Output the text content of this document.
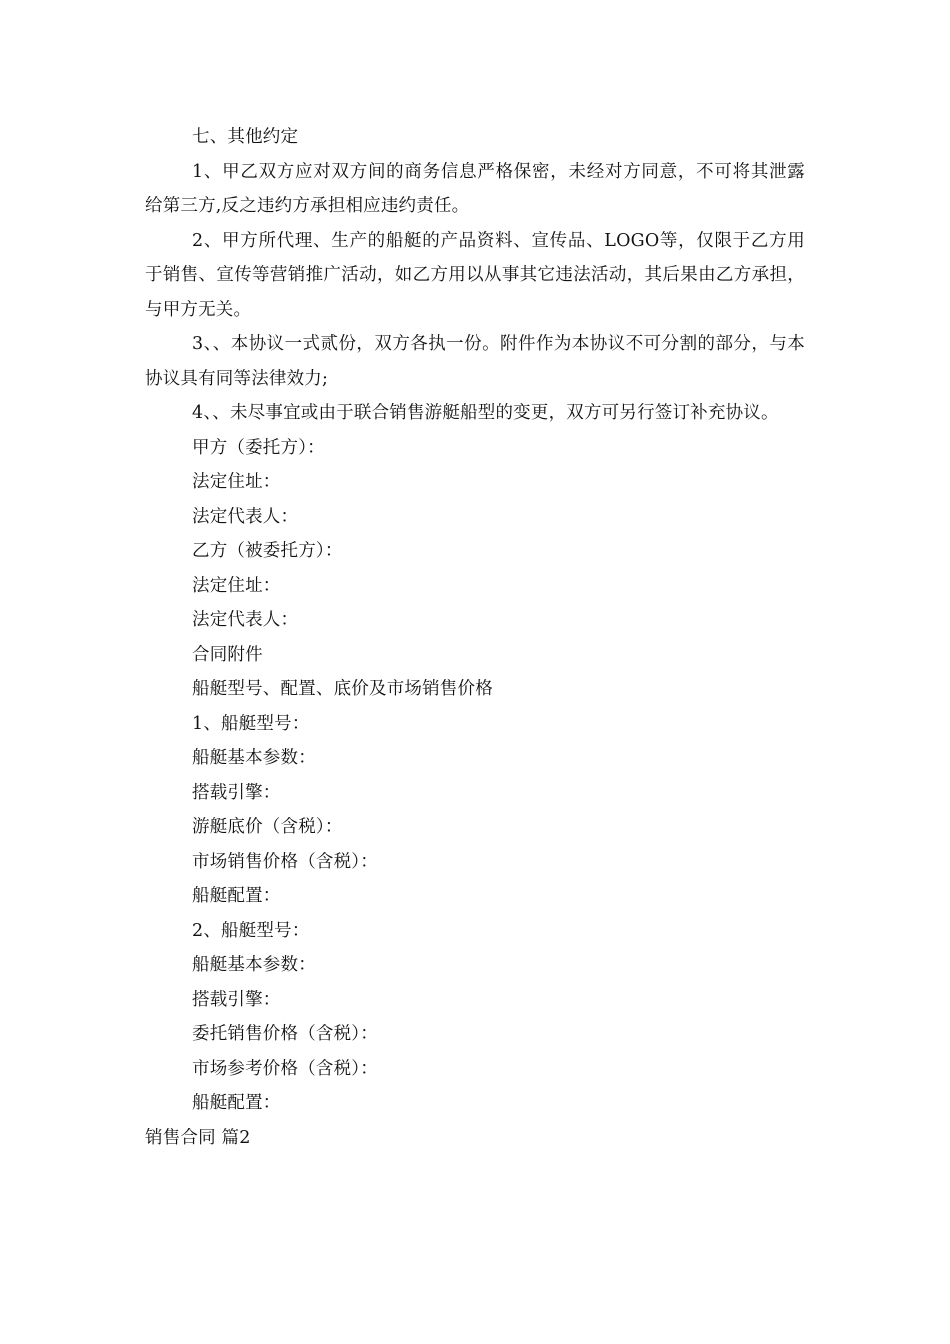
七、其他约定

1、甲乙双方应对双方间的商务信息严格保密，未经对方同意，不可将其泄露给第三方,反之违约方承担相应违约责任。

2、甲方所代理、生产的船艇的产品资料、宣传品、LOGO等，仅限于乙方用于销售、宣传等营销推广活动，如乙方用以从事其它违法活动，其后果由乙方承担，与甲方无关。

3、、本协议一式贰份，双方各执一份。附件作为本协议不可分割的部分，与本协议具有同等法律效力;

4、、未尽事宜或由于联合销售游艇船型的变更，双方可另行签订补充协议。

甲方（委托方）：

法定住址：

法定代表人：

乙方（被委托方）：

法定住址：

法定代表人：

合同附件

船艇型号、配置、底价及市场销售价格

1、船艇型号：

船艇基本参数：

搭载引擎：

游艇底价（含税）：

市场销售价格（含税）：

船艇配置：

2、船艇型号：

船艇基本参数：

搭载引擎：

委托销售价格（含税）：

市场参考价格（含税）：

船艇配置：

销售合同 篇2
